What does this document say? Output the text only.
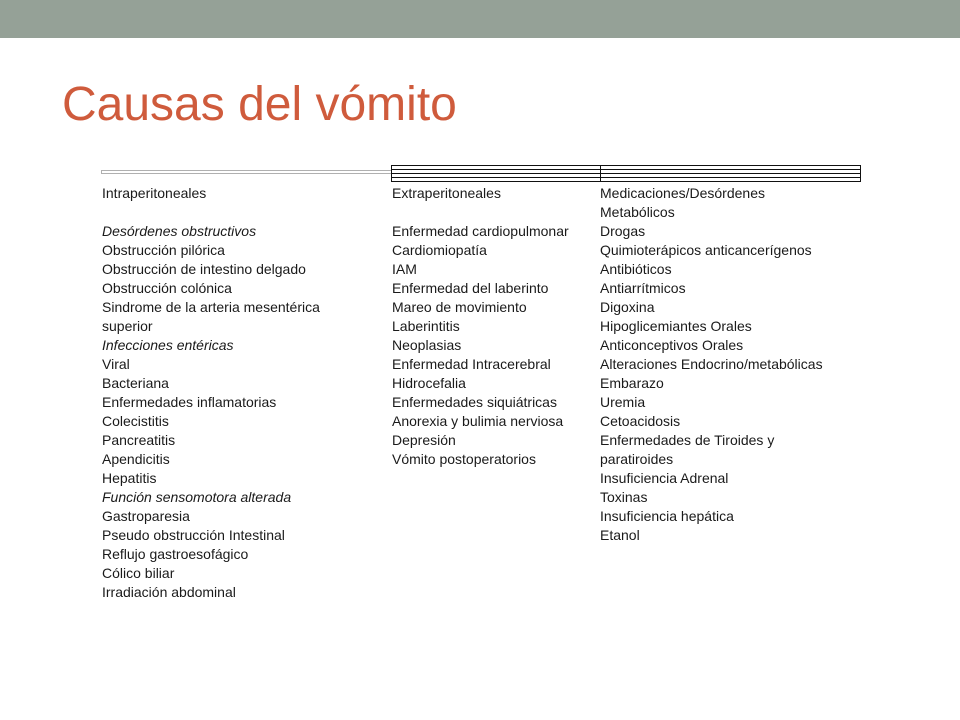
Causas del vómito
Intraperitoneales
Desórdenes obstructivos
Obstrucción pilórica
Obstrucción de intestino delgado
Obstrucción colónica
Sindrome de la arteria mesentérica
superior
Infecciones entéricas
Viral
Bacteriana
Enfermedades inflamatorias
Colecistitis
Pancreatitis
Apendicitis
Hepatitis
Función sensomotora alterada
Gastroparesia
Pseudo obstrucción Intestinal
Reflujo gastroesofágico
Cólico biliar
Irradiación abdominal
Extraperitoneales
Enfermedad cardiopulmonar
Cardiomiopatía
IAM
Enfermedad del laberinto
Mareo de movimiento
Laberintitis
Neoplasias
Enfermedad Intracerebral
Hidrocefalia
Enfermedades siquiátricas
Anorexia y bulimia nerviosa
Depresión
Vómito postoperatorios
Medicaciones/Desórdenes
Metabólicos
Drogas
Quimioterápicos anticancerígenos
Antibióticos
Antiarrítmicos
Digoxina
Hipoglicemiantes Orales
Anticonceptivos Orales
Alteraciones Endocrino/metabólicas
Embarazo
Uremia
Cetoacidosis
Enfermedades de Tiroides y
paratiroides
Insuficiencia Adrenal
Toxinas
Insuficiencia hepática
Etanol
